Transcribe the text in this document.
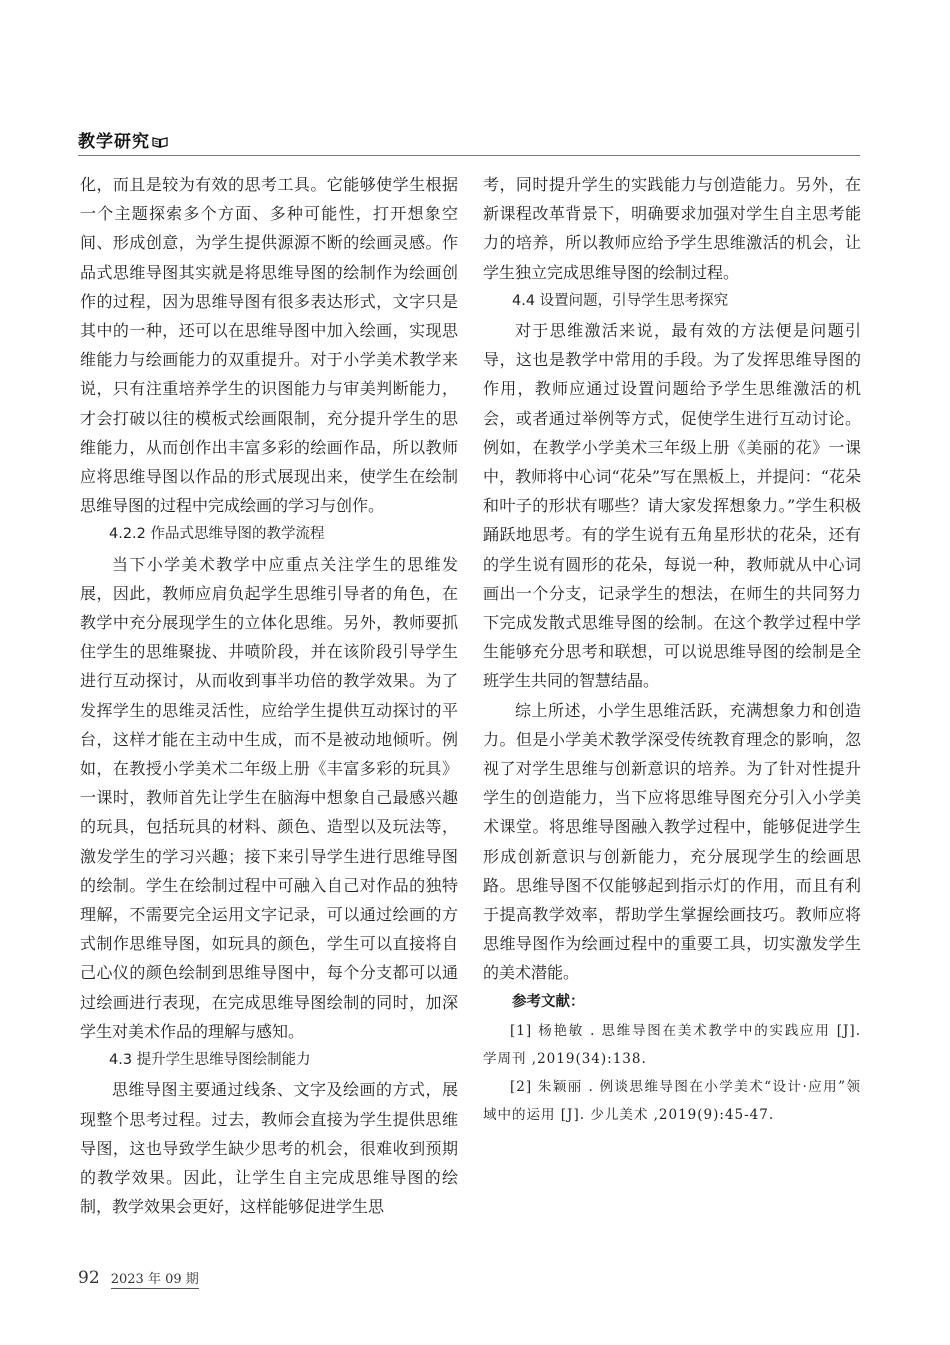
教学研究

化，而且是较为有效的思考工具。它能够使学生根据一个主题探索多个方面、多种可能性，打开想象空间、形成创意，为学生提供源源不断的绘画灵感。作品式思维导图其实就是将思维导图的绘制作为绘画创作的过程，因为思维导图有很多表达形式，文字只是其中的一种，还可以在思维导图中加入绘画，实现思维能力与绘画能力的双重提升。对于小学美术教学来说，只有注重培养学生的识图能力与审美判断能力，才会打破以往的模板式绘画限制，充分提升学生的思维能力，从而创作出丰富多彩的绘画作品，所以教师应将思维导图以作品的形式展现出来，使学生在绘制思维导图的过程中完成绘画的学习与创作。

4.2.2 作品式思维导图的教学流程

当下小学美术教学中应重点关注学生的思维发展，因此，教师应肩负起学生思维引导者的角色，在教学中充分展现学生的立体化思维。另外，教师要抓住学生的思维聚拢、井喷阶段，并在该阶段引导学生进行互动探讨，从而收到事半功倍的教学效果。为了发挥学生的思维灵活性，应给学生提供互动探讨的平台，这样才能在主动中生成，而不是被动地倾听。例如，在教授小学美术二年级上册《丰富多彩的玩具》一课时，教师首先让学生在脑海中想象自己最感兴趣的玩具，包括玩具的材料、颜色、造型以及玩法等，激发学生的学习兴趣；接下来引导学生进行思维导图的绘制。学生在绘制过程中可融入自己对作品的独特理解，不需要完全运用文字记录，可以通过绘画的方式制作思维导图，如玩具的颜色，学生可以直接将自己心仪的颜色绘制到思维导图中，每个分支都可以通过绘画进行表现，在完成思维导图绘制的同时，加深学生对美术作品的理解与感知。

4.3 提升学生思维导图绘制能力

思维导图主要通过线条、文字及绘画的方式，展现整个思考过程。过去，教师会直接为学生提供思维导图，这也导致学生缺少思考的机会，很难收到预期的教学效果。因此，让学生自主完成思维导图的绘制，教学效果会更好，这样能够促进学生思

考，同时提升学生的实践能力与创造能力。另外，在新课程改革背景下，明确要求加强对学生自主思考能力的培养，所以教师应给予学生思维激活的机会，让学生独立完成思维导图的绘制过程。

4.4 设置问题，引导学生思考探究

对于思维激活来说，最有效的方法便是问题引导，这也是教学中常用的手段。为了发挥思维导图的作用，教师应通过设置问题给予学生思维激活的机会，或者通过举例等方式，促使学生进行互动讨论。例如，在教学小学美术三年级上册《美丽的花》一课中，教师将中心词“花朵”写在黑板上，并提问：“花朵和叶子的形状有哪些？请大家发挥想象力。”学生积极踊跃地思考。有的学生说有五角星形状的花朵，还有的学生说有圆形的花朵，每说一种，教师就从中心词画出一个分支，记录学生的想法，在师生的共同努力下完成发散式思维导图的绘制。在这个教学过程中学生能够充分思考和联想，可以说思维导图的绘制是全班学生共同的智慧结晶。

综上所述，小学生思维活跃，充满想象力和创造力。但是小学美术教学深受传统教育理念的影响，忽视了对学生思维与创新意识的培养。为了针对性提升学生的创造能力，当下应将思维导图充分引入小学美术课堂。将思维导图融入教学过程中，能够促进学生形成创新意识与创新能力，充分展现学生的绘画思路。思维导图不仅能够起到指示灯的作用，而且有利于提高教学效率，帮助学生掌握绘画技巧。教师应将思维导图作为绘画过程中的重要工具，切实激发学生的美术潜能。

参考文献：

[1] 杨艳敏 . 思维导图在美术教学中的实践应用 [J]. 学周刊 ,2019(34):138.

[2] 朱颖丽 . 例谈思维导图在小学美术“设计·应用”领域中的运用 [J]. 少儿美术 ,2019(9):45-47.

92 2023 年 09 期
